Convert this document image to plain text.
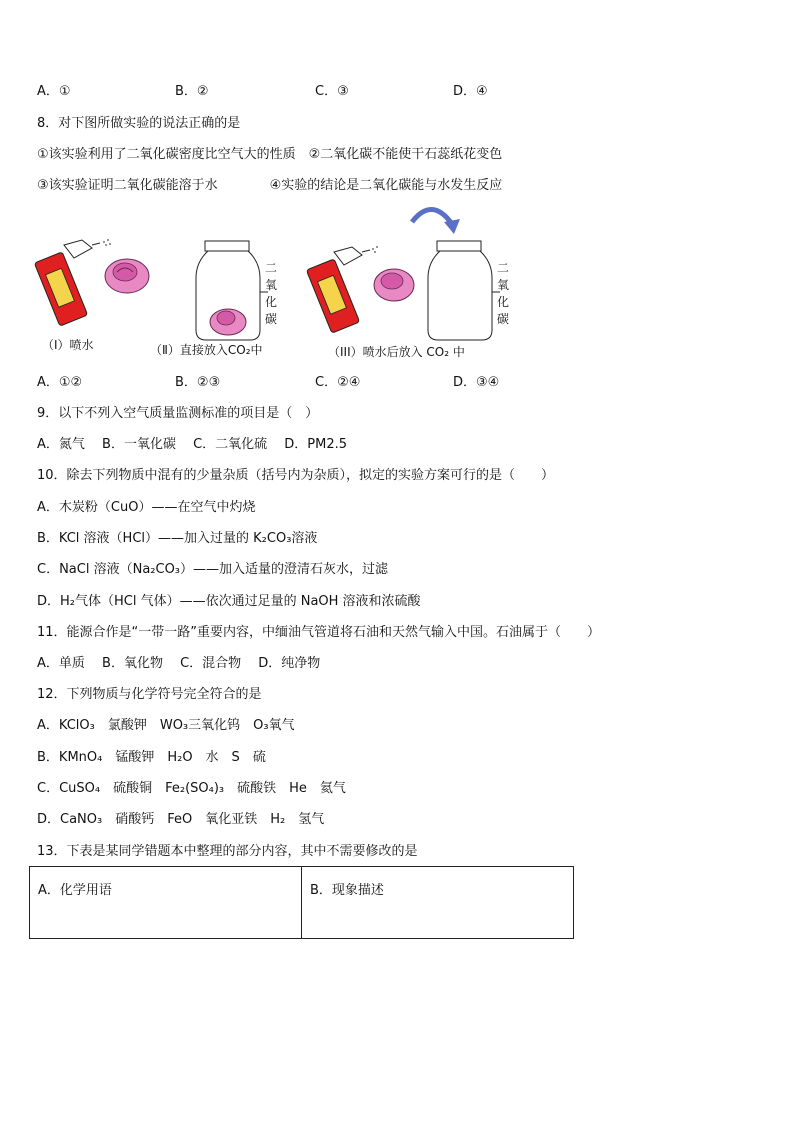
A．①	B．②	C．③	D．④
8．对下图所做实验的说法正确的是
①该实验利用了二氧化碳密度比空气大的性质　②二氧化碳不能使干石蕊纸花变色
③该实验证明二氧化碳能溶于水　　　　④实验的结论是二氧化碳能与水发生反应
二
氧
化
碳
二
氧
化
碳
（I）喷水	（Ⅱ）直接放入CO₂中	（III）喷水后放入 CO₂ 中
A．①②	B．②③	C．②④	D．③④
9．以下不列入空气质量监测标准的项目是（　）
A．氮气　 B．一氧化碳　 C．二氧化硫　 D．PM2.5
10．除去下列物质中混有的少量杂质（括号内为杂质），拟定的实验方案可行的是（　　）
A．木炭粉（CuO）——在空气中灼烧
B．KCl 溶液（HCl）——加入过量的 K₂CO₃溶液
C．NaCl 溶液（Na₂CO₃）——加入适量的澄清石灰水，过滤
D．H₂气体（HCl 气体）——依次通过足量的 NaOH 溶液和浓硫酸
11．能源合作是“一带一路”重要内容，中缅油气管道将石油和天然气输入中国。石油属于（　　）
A．单质　 B．氧化物　 C．混合物　 D．纯净物
12．下列物质与化学符号完全符合的是
A．KClO₃　氯酸钾　WO₃三氧化钨　O₃氧气
B．KMnO₄　锰酸钾　H₂O　水　S　硫
C．CuSO₄　硫酸铜　Fe₂(SO₄)₃　硫酸铁　He　氦气
D．CaNO₃　硝酸钙　FeO　氧化亚铁　H₂　氢气
13．下表是某同学错题本中整理的部分内容，其中不需要修改的是
A．化学用语	B．现象描述
